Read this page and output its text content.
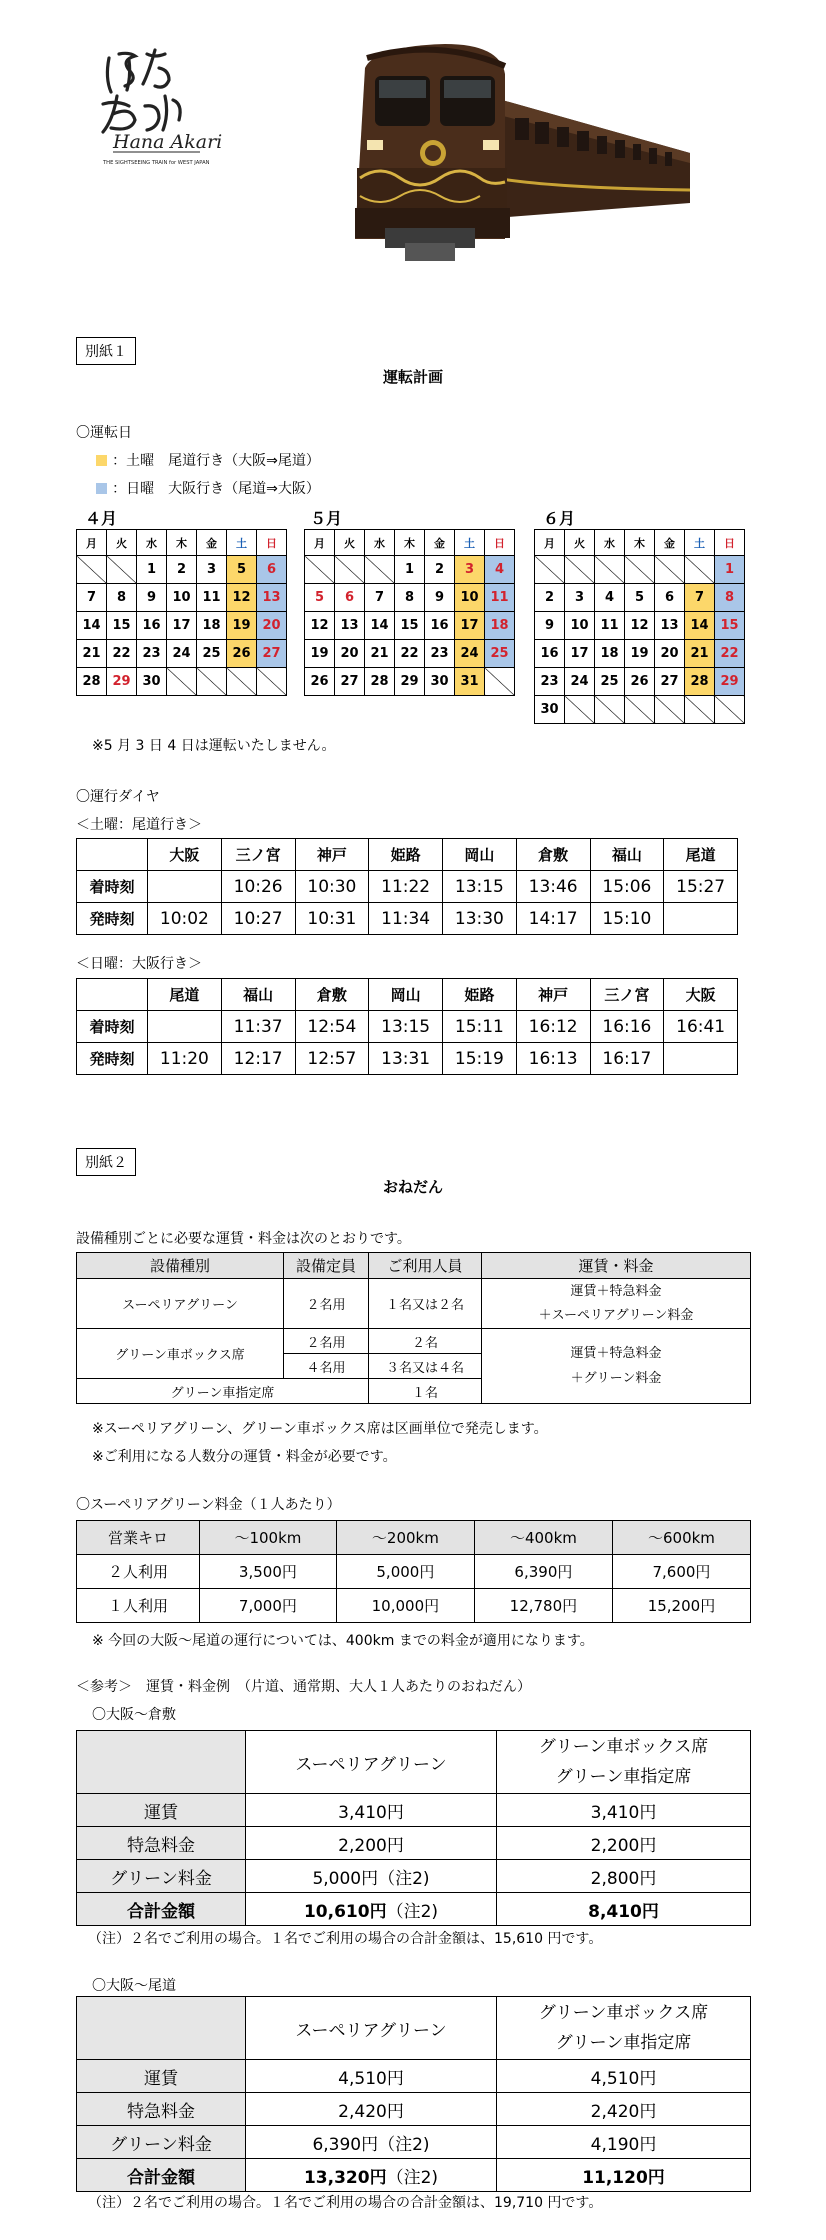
Hana Akari
THE SIGHTSEEING TRAIN for WEST JAPAN
別紙１
運転計画
〇運転日
：土曜　尾道行き（大阪⇒尾道）
：日曜　大阪行き（尾道⇒大阪）
４月	５月	６月
月	火	水	木	金	土	日
		1	2	3	5	6
7	8	9	10	11	12	13
14	15	16	17	18	19	20
21	22	23	24	25	26	27
28	29	30				
月	火	水	木	金	土	日
			1	2	3	4
5	6	7	8	9	10	11
12	13	14	15	16	17	18
19	20	21	22	23	24	25
26	27	28	29	30	31	
月	火	水	木	金	土	日
						1
2	3	4	5	6	7	8
9	10	11	12	13	14	15
16	17	18	19	20	21	22
23	24	25	26	27	28	29
30						
※5 月 3 日 4 日は運転いたしません。
〇運行ダイヤ
＜土曜：尾道行き＞
	大阪	三ノ宮	神戸	姫路	岡山	倉敷	福山	尾道
着時刻		10:26	10:30	11:22	13:15	13:46	15:06	15:27
発時刻	10:02	10:27	10:31	11:34	13:30	14:17	15:10	
＜日曜：大阪行き＞
	尾道	福山	倉敷	岡山	姫路	神戸	三ノ宮	大阪
着時刻		11:37	12:54	13:15	15:11	16:12	16:16	16:41
発時刻	11:20	12:17	12:57	13:31	15:19	16:13	16:17	
別紙２
おねだん
設備種別ごとに必要な運賃・料金は次のとおりです。
設備種別	設備定員	ご利用人員	運賃・料金
スーペリアグリーン	２名用	１名又は２名	運賃＋特急料金
＋スーペリアグリーン料金

グリーン車ボックス席	２名用	２名	運賃＋特急料金
＋グリーン料金

	４名用	３名又は４名	
グリーン車指定席		１名	
※スーペリアグリーン、グリーン車ボックス席は区画単位で発売します。
※ご利用になる人数分の運賃・料金が必要です。
〇スーペリアグリーン料金（１人あたり）
営業キロ	～100km	～200km	～400km	～600km
２人利用	3,500円	5,000円	6,390円	7,600円
１人利用	7,000円	10,000円	12,780円	15,200円
※ 今回の大阪～尾道の運行については、400km までの料金が適用になります。
＜参考＞　運賃・料金例　（片道、通常期、大人１人あたりのおねだん）
〇大阪～倉敷
	スーペリアグリーン	グリーン車ボックス席
グリーン車指定席

運賃	3,410円	3,410円
特急料金	2,200円	2,200円
グリーン料金	5,000円（注2)	2,800円
合計金額	10,610円（注2)	8,410円
（注）２名でご利用の場合。１名でご利用の場合の合計金額は、15,610 円です。
〇大阪～尾道
	スーペリアグリーン	グリーン車ボックス席
グリーン車指定席

運賃	4,510円	4,510円
特急料金	2,420円	2,420円
グリーン料金	6,390円（注2)	4,190円
合計金額	13,320円（注2)	11,120円
（注）２名でご利用の場合。１名でご利用の場合の合計金額は、19,710 円です。
